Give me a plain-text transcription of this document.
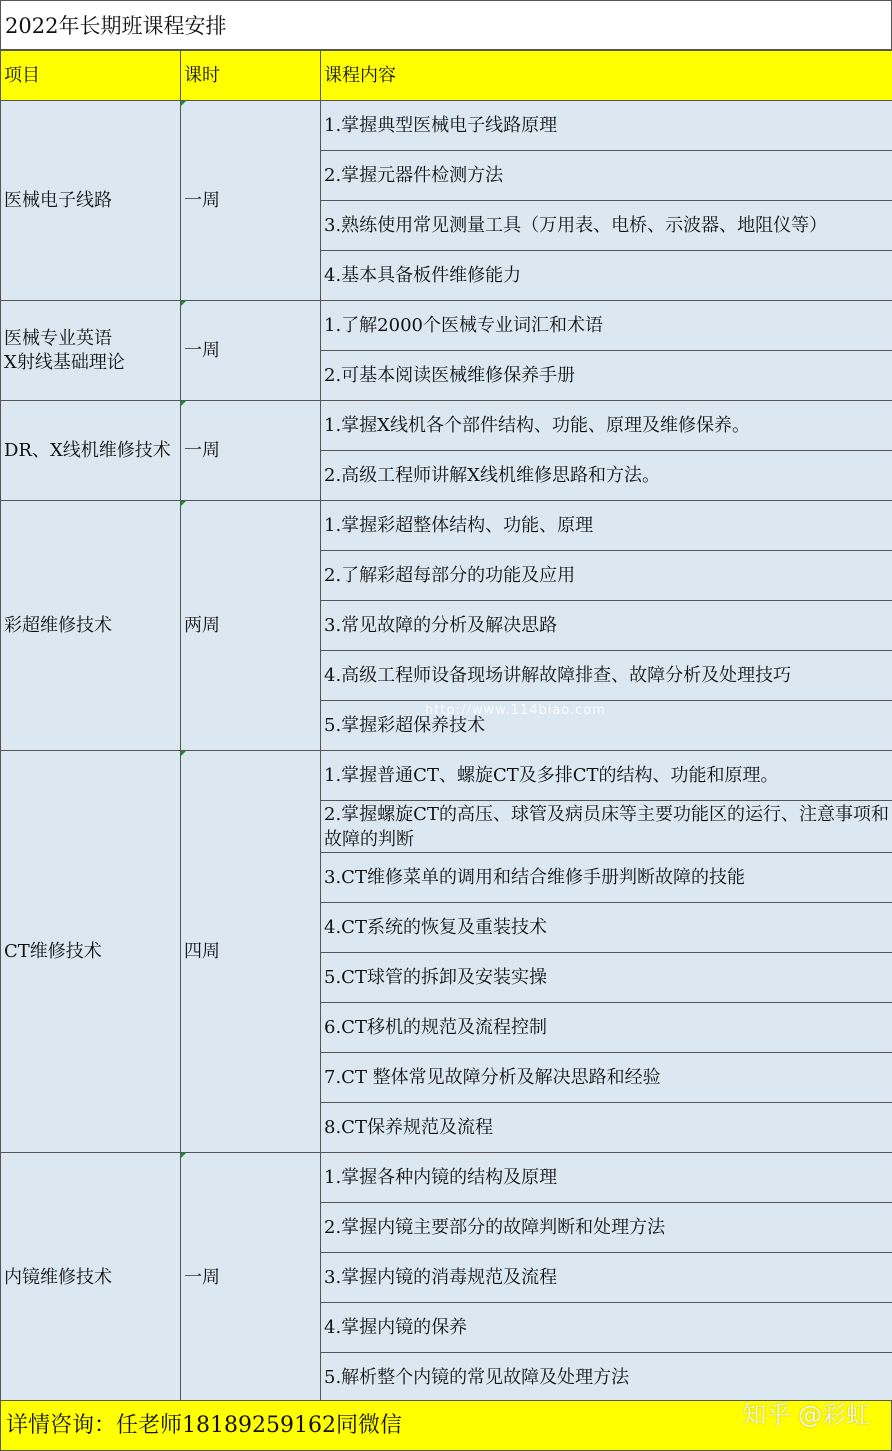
2022年长期班课程安排
项目	课时	课程内容
医械电子线路	一周	1.掌握典型医械电子线路原理
		2.掌握元器件检测方法
		3.熟练使用常见测量工具（万用表、电桥、示波器、地阻仪等）
		4.基本具备板件维修能力
医械专业英语
X射线基础理论	一周	1.了解2000个医械专业词汇和术语
		2.可基本阅读医械维修保养手册
DR、X线机维修技术	一周	1.掌握X线机各个部件结构、功能、原理及维修保养。
		2.高级工程师讲解X线机维修思路和方法。
彩超维修技术	两周	1.掌握彩超整体结构、功能、原理
		2.了解彩超每部分的功能及应用
		3.常见故障的分析及解决思路
		4.高级工程师设备现场讲解故障排查、故障分析及处理技巧
		5.掌握彩超保养技术
CT维修技术	四周	1.掌握普通CT、螺旋CT及多排CT的结构、功能和原理。
		2.掌握螺旋CT的高压、球管及病员床等主要功能区的运行、注意事项和故障的判断
		3.CT维修菜单的调用和结合维修手册判断故障的技能
		4.CT系统的恢复及重装技术
		5.CT球管的拆卸及安装实操
		6.CT移机的规范及流程控制
		7.CT 整体常见故障分析及解决思路和经验
		8.CT保养规范及流程
内镜维修技术	一周	1.掌握各种内镜的结构及原理
		2.掌握内镜主要部分的故障判断和处理方法
		3.掌握内镜的消毒规范及流程
		4.掌握内镜的保养
		5.解析整个内镜的常见故障及处理方法
http://www.114biao.com
详情咨询：任老师18189259162同微信	知乎 @彩虹
